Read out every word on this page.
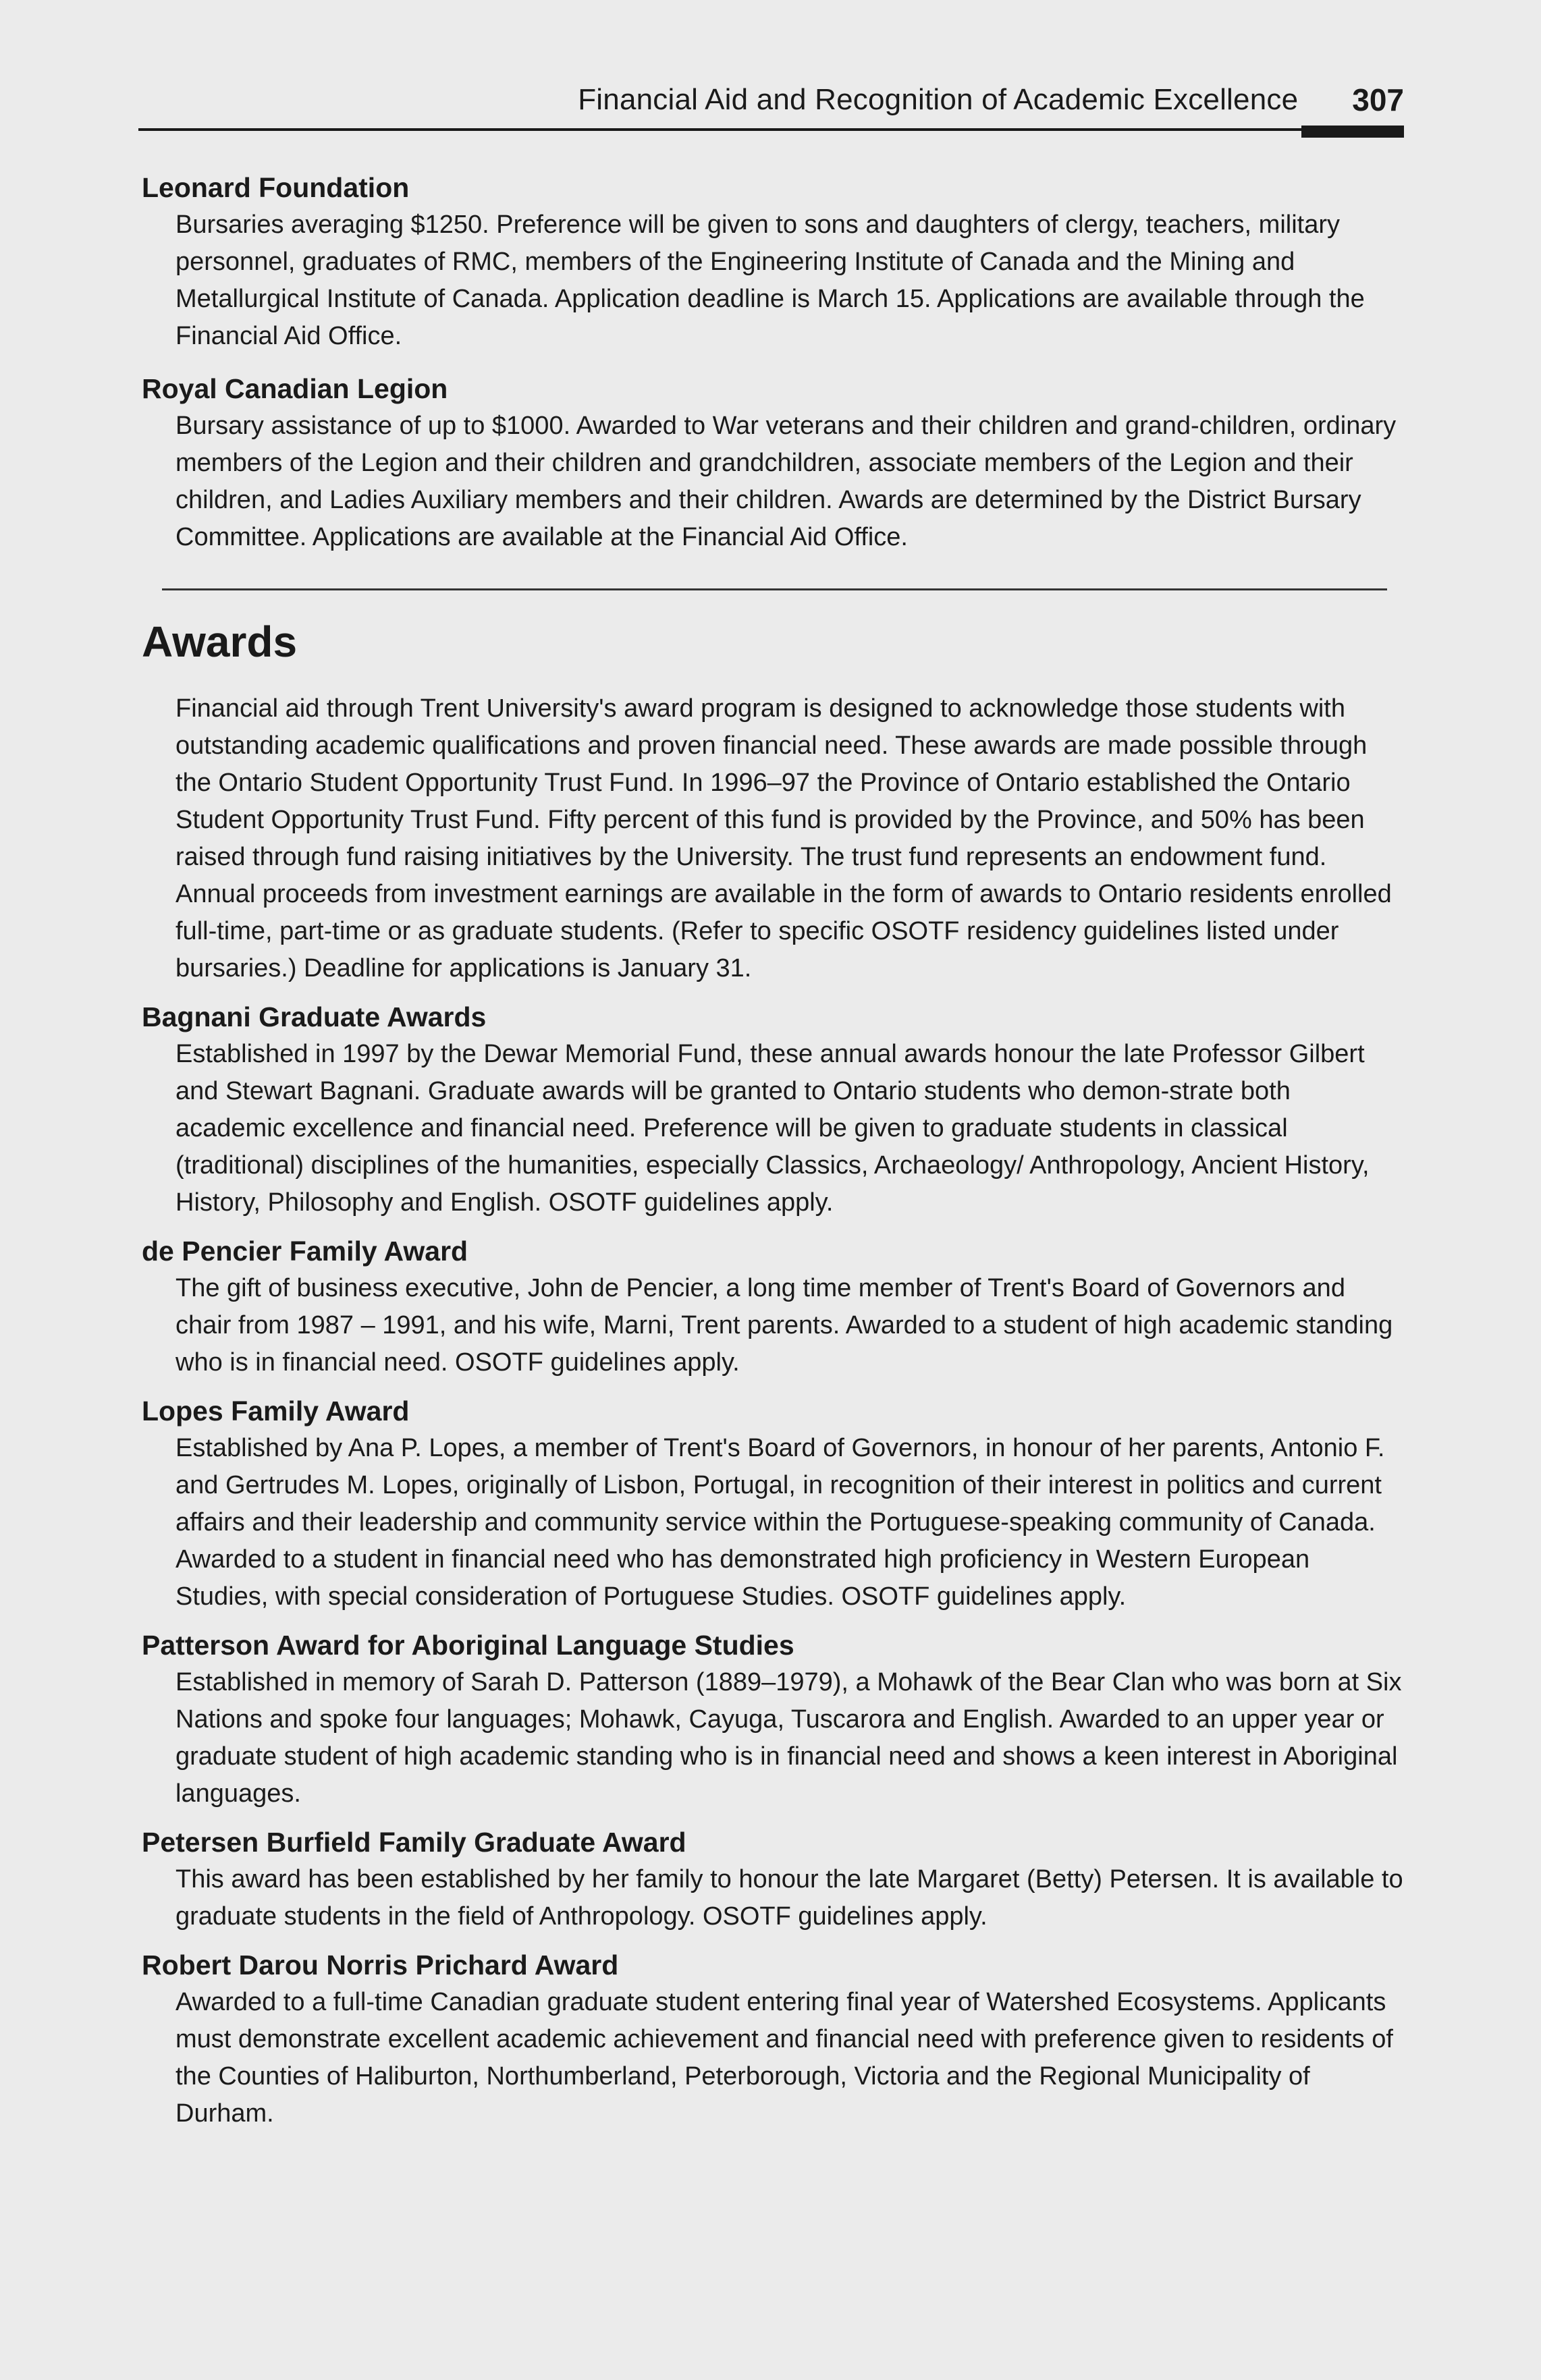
Financial Aid and Recognition of Academic Excellence 307

Leonard Foundation

Bursaries averaging $1250. Preference will be given to sons and daughters of clergy, teachers, military personnel, graduates of RMC, members of the Engineering Institute of Canada and the Mining and Metallurgical Institute of Canada. Application deadline is March 15. Applications are available through the Financial Aid Office.

Royal Canadian Legion

Bursary assistance of up to $1000. Awarded to War veterans and their children and grand-children, ordinary members of the Legion and their children and grandchildren, associate members of the Legion and their children, and Ladies Auxiliary members and their children. Awards are determined by the District Bursary Committee. Applications are available at the Financial Aid Office.

Awards

Financial aid through Trent University's award program is designed to acknowledge those students with outstanding academic qualifications and proven financial need. These awards are made possible through the Ontario Student Opportunity Trust Fund. In 1996–97 the Province of Ontario established the Ontario Student Opportunity Trust Fund. Fifty percent of this fund is provided by the Province, and 50% has been raised through fund raising initiatives by the University. The trust fund represents an endowment fund. Annual proceeds from investment earnings are available in the form of awards to Ontario residents enrolled full-time, part-time or as graduate students. (Refer to specific OSOTF residency guidelines listed under bursaries.) Deadline for applications is January 31.

Bagnani Graduate Awards

Established in 1997 by the Dewar Memorial Fund, these annual awards honour the late Professor Gilbert and Stewart Bagnani. Graduate awards will be granted to Ontario students who demon-strate both academic excellence and financial need. Preference will be given to graduate students in classical (traditional) disciplines of the humanities, especially Classics, Archaeology/ Anthropology, Ancient History, History, Philosophy and English. OSOTF guidelines apply.

de Pencier Family Award

The gift of business executive, John de Pencier, a long time member of Trent's Board of Governors and chair from 1987 – 1991, and his wife, Marni, Trent parents. Awarded to a student of high academic standing who is in financial need. OSOTF guidelines apply.

Lopes Family Award

Established by Ana P. Lopes, a member of Trent's Board of Governors, in honour of her parents, Antonio F. and Gertrudes M. Lopes, originally of Lisbon, Portugal, in recognition of their interest in politics and current affairs and their leadership and community service within the Portuguese-speaking community of Canada. Awarded to a student in financial need who has demonstrated high proficiency in Western European Studies, with special consideration of Portuguese Studies. OSOTF guidelines apply.

Patterson Award for Aboriginal Language Studies

Established in memory of Sarah D. Patterson (1889–1979), a Mohawk of the Bear Clan who was born at Six Nations and spoke four languages; Mohawk, Cayuga, Tuscarora and English. Awarded to an upper year or graduate student of high academic standing who is in financial need and shows a keen interest in Aboriginal languages.

Petersen Burfield Family Graduate Award

This award has been established by her family to honour the late Margaret (Betty) Petersen. It is available to graduate students in the field of Anthropology. OSOTF guidelines apply.

Robert Darou Norris Prichard Award

Awarded to a full-time Canadian graduate student entering final year of Watershed Ecosystems. Applicants must demonstrate excellent academic achievement and financial need with preference given to residents of the Counties of Haliburton, Northumberland, Peterborough, Victoria and the Regional Municipality of Durham.
